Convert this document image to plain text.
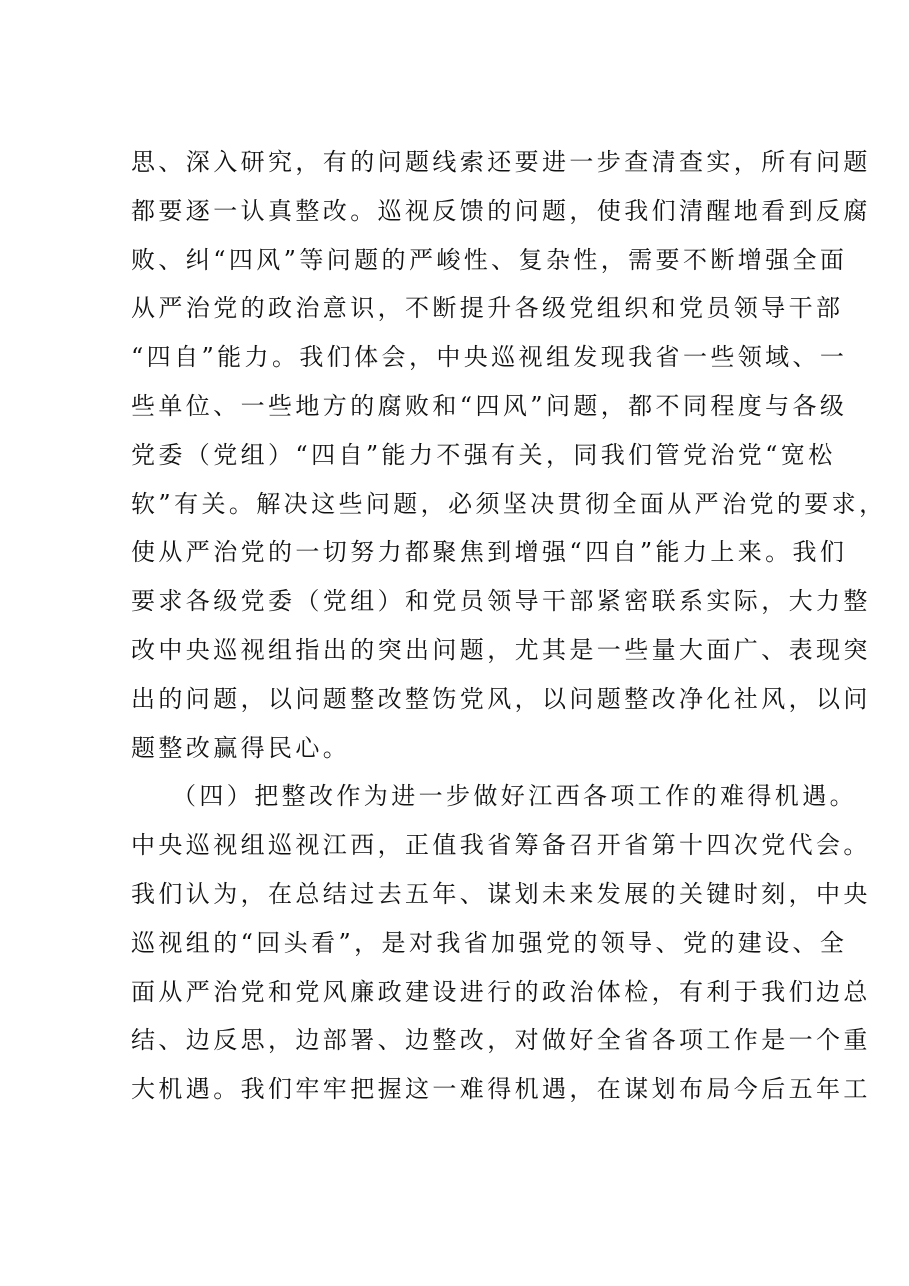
思、深入研究，有的问题线索还要进一步查清查实，所有问题
都要逐一认真整改。巡视反馈的问题，使我们清醒地看到反腐
败、纠“四风”等问题的严峻性、复杂性，需要不断增强全面
从严治党的政治意识，不断提升各级党组织和党员领导干部
“四自”能力。我们体会，中央巡视组发现我省一些领域、一
些单位、一些地方的腐败和“四风”问题，都不同程度与各级
党委（党组）“四自”能力不强有关，同我们管党治党“宽松
软”有关。解决这些问题，必须坚决贯彻全面从严治党的要求，
使从严治党的一切努力都聚焦到增强“四自”能力上来。我们
要求各级党委（党组）和党员领导干部紧密联系实际，大力整
改中央巡视组指出的突出问题，尤其是一些量大面广、表现突
出的问题，以问题整改整饬党风，以问题整改净化社风，以问
题整改赢得民心。
（四）把整改作为进一步做好江西各项工作的难得机遇。
中央巡视组巡视江西，正值我省筹备召开省第十四次党代会。
我们认为，在总结过去五年、谋划未来发展的关键时刻，中央
巡视组的“回头看”，是对我省加强党的领导、党的建设、全
面从严治党和党风廉政建设进行的政治体检，有利于我们边总
结、边反思，边部署、边整改，对做好全省各项工作是一个重
大机遇。我们牢牢把握这一难得机遇，在谋划布局今后五年工
